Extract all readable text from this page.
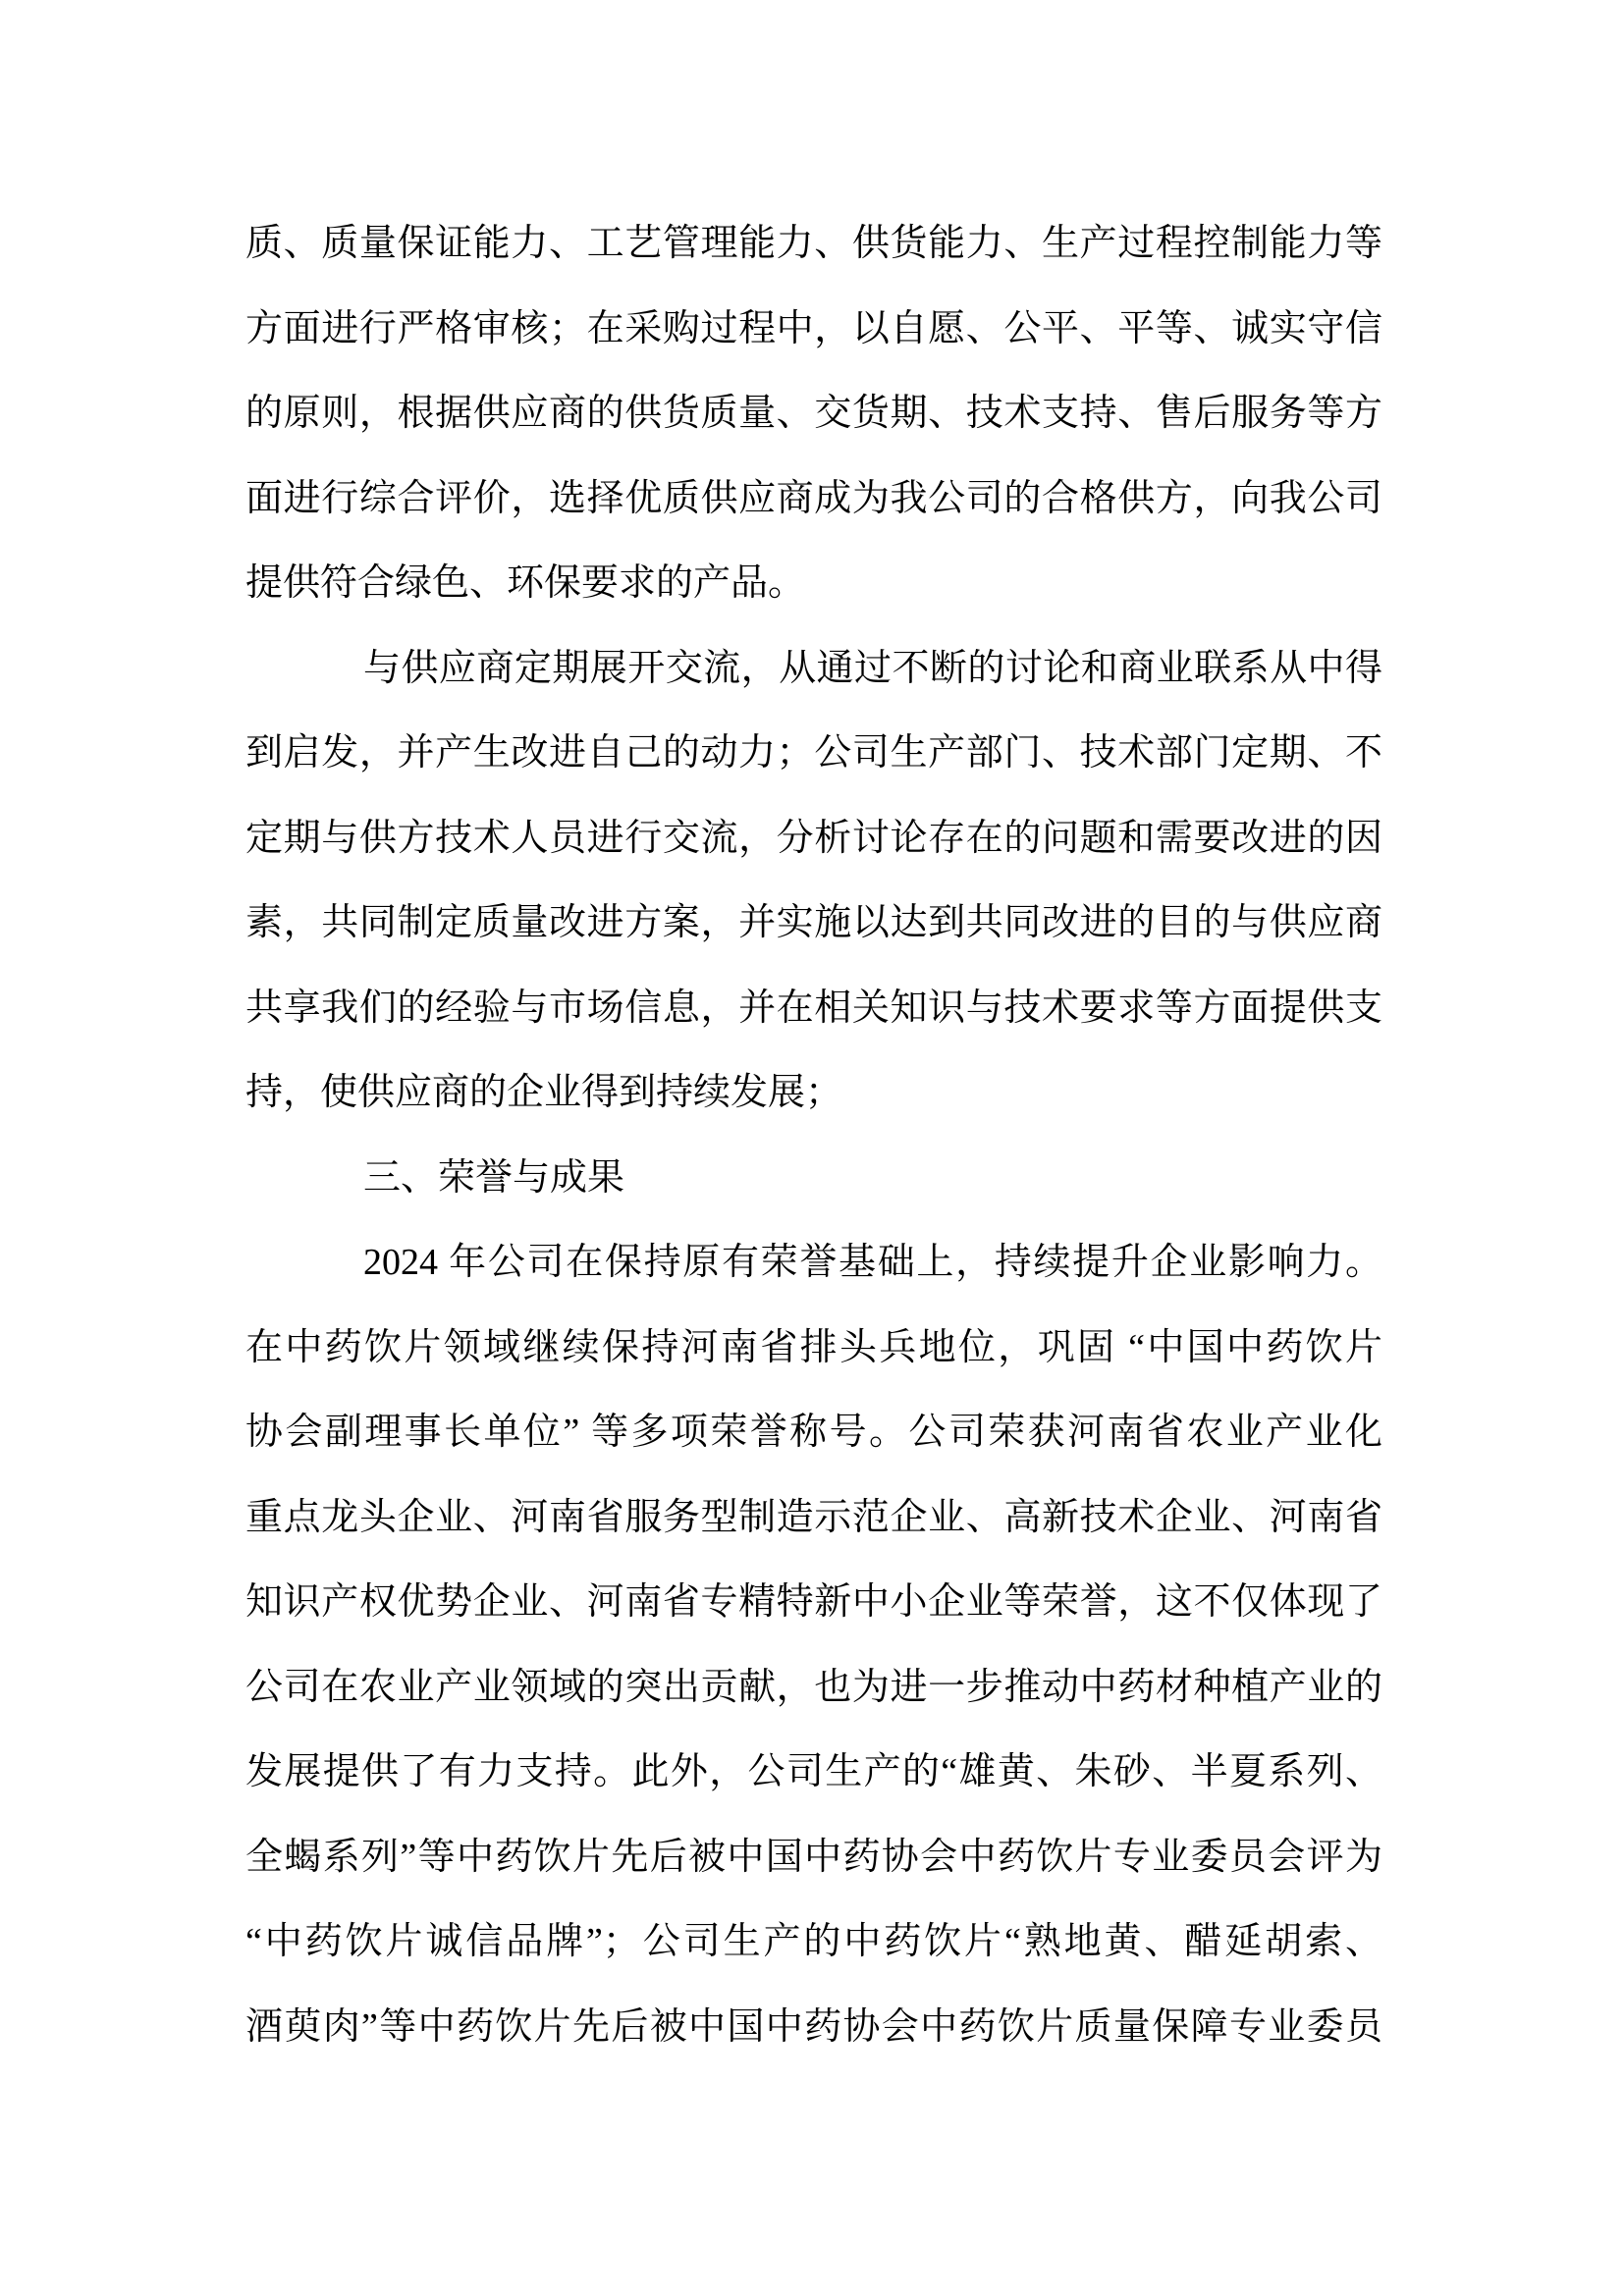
质、质量保证能力、工艺管理能力、供货能力、生产过程控制能力等
方面进行严格审核；在采购过程中，以自愿、公平、平等、诚实守信
的原则，根据供应商的供货质量、交货期、技术支持、售后服务等方
面进行综合评价，选择优质供应商成为我公司的合格供方，向我公司
提供符合绿色、环保要求的产品。
与供应商定期展开交流，从通过不断的讨论和商业联系从中得
到启发，并产生改进自己的动力；公司生产部门、技术部门定期、不
定期与供方技术人员进行交流，分析讨论存在的问题和需要改进的因
素，共同制定质量改进方案，并实施以达到共同改进的目的与供应商
共享我们的经验与市场信息，并在相关知识与技术要求等方面提供支
持，使供应商的企业得到持续发展；
三、荣誉与成果
2024 年公司在保持原有荣誉基础上，持续提升企业影响力。
在中药饮片领域继续保持河南省排头兵地位，巩固 “中国中药饮片
协会副理事长单位” 等多项荣誉称号。公司荣获河南省农业产业化
重点龙头企业、河南省服务型制造示范企业、高新技术企业、河南省
知识产权优势企业、河南省专精特新中小企业等荣誉，这不仅体现了
公司在农业产业领域的突出贡献，也为进一步推动中药材种植产业的
发展提供了有力支持。此外，公司生产的“雄黄、朱砂、半夏系列、
全蝎系列”等中药饮片先后被中国中药协会中药饮片专业委员会评为
“中药饮片诚信品牌”；公司生产的中药饮片“熟地黄、醋延胡索、
酒萸肉”等中药饮片先后被中国中药协会中药饮片质量保障专业委员
